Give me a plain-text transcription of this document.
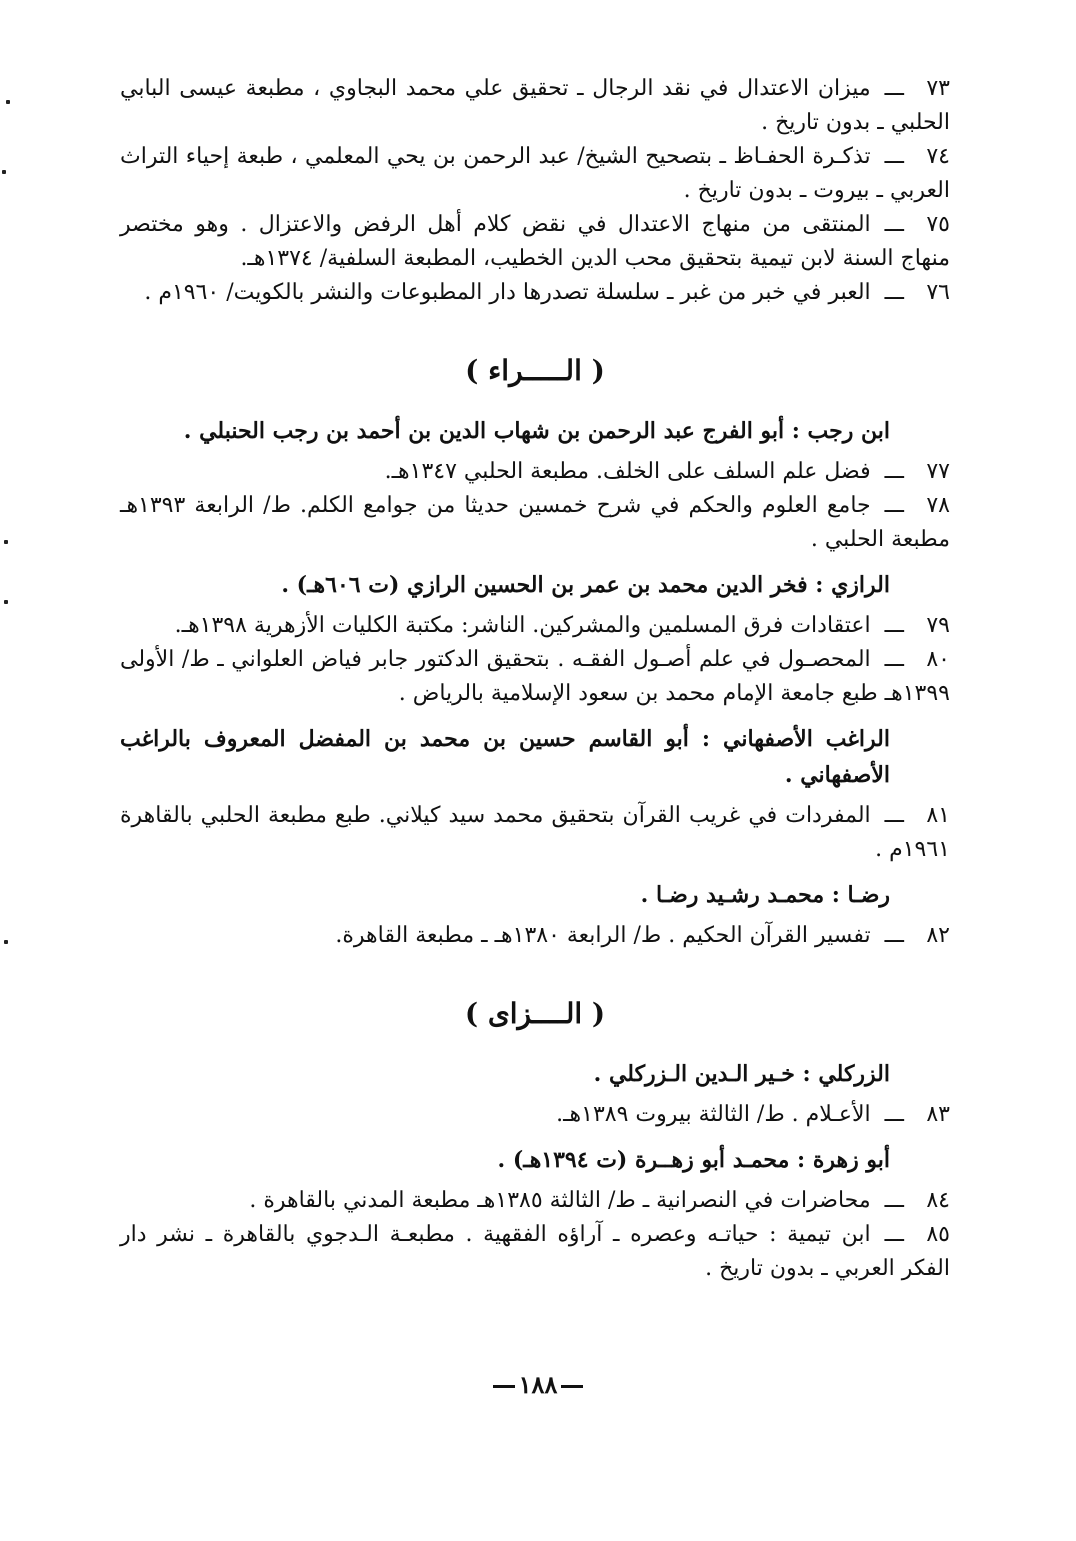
٧٣ـــميزان الاعتدال في نقد الرجال ـ تحقيق علي محمد البجاوي ، مطبعة عيسى البابي الحلبي ـ بدون تاريخ .
٧٤ـــتذكـرة الحفـاظ ـ بتصحيح الشيخ/ عبد الرحمن بن يحي المعلمي ، طبعة إحياء التراث العربي ـ بيروت ـ بدون تاريخ .
٧٥ـــالمنتقى من منهاج الاعتدال في نقض كلام أهل الرفض والاعتزال . وهو مختصر منهاج السنة لابن تيمية بتحقيق محب الدين الخطيب، المطبعة السلفية/ ١٣٧٤هـ.
٧٦ـــالعبر في خبر من غبر ـ سلسلة تصدرها دار المطبوعات والنشر بالكويت/ ١٩٦٠م .
( الـــــراء )
ابن رجب : أبو الفرج عبد الرحمن بن شهاب الدين بن أحمد بن رجب الحنبلي .
٧٧ـــفضل علم السلف على الخلف. مطبعة الحلبي ١٣٤٧هـ.
٧٨ـــجامع العلوم والحكم في شرح خمسين حديثا من جوامع الكلم. ط/ الرابعة ١٣٩٣هـ مطبعة الحلبي .
الرازي : فخر الدين محمد بن عمر بن الحسين الرازي (ت ٦٠٦هـ) .
٧٩ـــاعتقادات فرق المسلمين والمشركين. الناشر: مكتبة الكليات الأزهرية ١٣٩٨هـ.
٨٠ـــالمحصـول في علم أصـول الفقـه . بتحقيق الدكتور جابر فياض العلواني ـ ط/ الأولى ١٣٩٩هـ طبع جامعة الإمام محمد بن سعود الإسلامية بالرياض .
الراغب الأصفهاني : أبو القاسم حسين بن محمد بن المفضل المعروف بالراغب الأصفهاني .
٨١ـــالمفردات في غريب القرآن بتحقيق محمد سيد كيلاني. طبع مطبعة الحلبي بالقاهرة ١٩٦١م .
رضـا : محمـد رشـيد رضـا .
٨٢ـــتفسير القرآن الحكيم . ط/ الرابعة ١٣٨٠هـ ـ مطبعة القاهرة.
( الــــزاى )
الزركلي : خـير الـدين الـزركلي .
٨٣ـــالأعـلام . ط/ الثالثة بيروت ١٣٨٩هـ.
أبو زهرة : محمـد أبو زهــرة (ت ١٣٩٤هـ) .
٨٤ـــمحاضرات في النصرانية ـ ط/ الثالثة ١٣٨٥هـ مطبعة المدني بالقاهرة .
٨٥ـــابن تيمية : حياتـه وعصره ـ آراؤه الفقهية . مطبعـة الـدجوي بالقاهرة ـ نشر دار الفكر العربي ـ بدون تاريخ .
١٨٨
